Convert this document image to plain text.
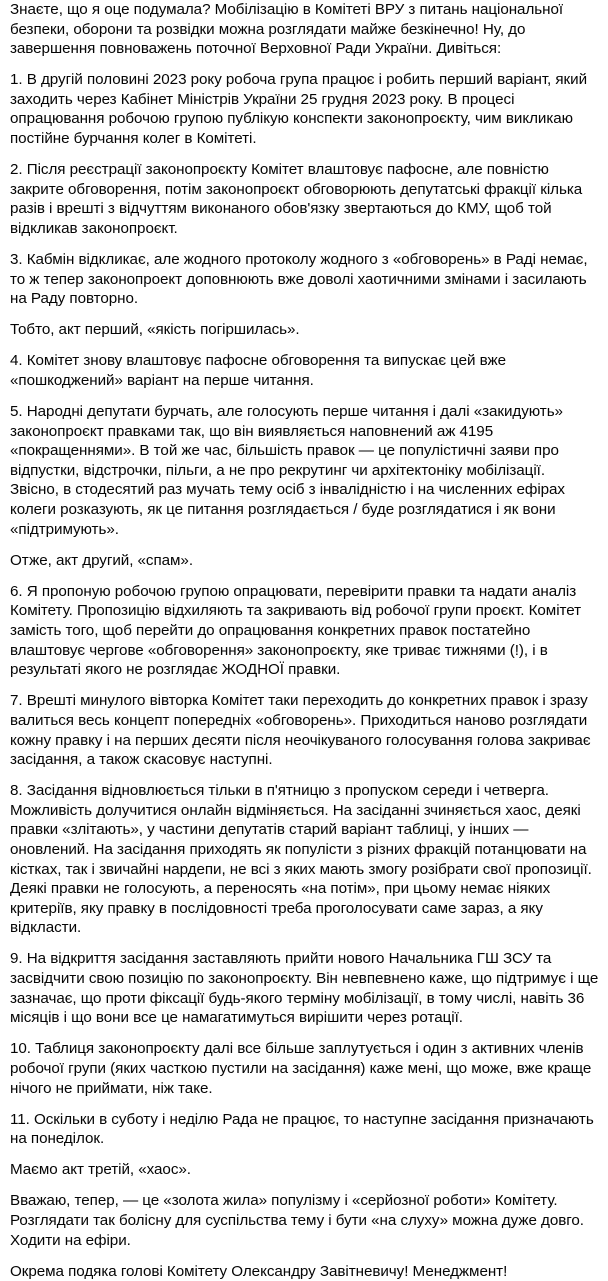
Знаєте, що я оце подумала? Мобілізацію в Комітеті ВРУ з питань національної
безпеки, оборони та розвідки можна розглядати майже безкінечно! Ну, до
завершення повноважень поточної Верховної Ради України. Дивіться:

1. В другій половині 2023 року робоча група працює і робить перший варіант, який
заходить через Кабінет Міністрів України 25 грудня 2023 року. В процесі
опрацювання робочою групою публікую конспекти законопроєкту, чим викликаю
постійне бурчання колег в Комітеті.

2. Після реєстрації законопроєкту Комітет влаштовує пафосне, але повністю
закрите обговорення, потім законопроєкт обговорюють депутатські фракції кілька
разів і врешті з відчуттям виконаного обов'язку звертаються до КМУ, щоб той
відкликав законопроєкт.

3. Кабмін відкликає, але жодного протоколу жодного з «обговорень» в Раді немає,
то ж тепер законопроект доповнюють вже доволі хаотичними змінами і засилають
на Раду повторно.

Тобто, акт перший, «якість погіршилась».

4. Комітет знову влаштовує пафосне обговорення та випускає цей вже
«пошкоджений» варіант на перше читання.

5. Народні депутати бурчать, але голосують перше читання і далі «закидують»
законопроєкт правками так, що він виявляється наповнений аж 4195
«покращеннями». В той же час, більшість правок — це популістичні заяви про
відпустки, відстрочки, пільги, а не про рекрутинг чи архітектоніку мобілізації.
Звісно, в стодесятий раз мучать тему осіб з інвалідністю і на численних ефірах
колеги розказують, як це питання розглядається / буде розглядатися і як вони
«підтримують».

Отже, акт другий, «спам».

6. Я пропоную робочою групою опрацювати, перевірити правки та надати аналіз
Комітету. Пропозицію відхиляють та закривають від робочої групи проєкт. Комітет
замість того, щоб перейти до опрацювання конкретних правок постатейно
влаштовує чергове «обговорення» законопроєкту, яке триває тижнями (!), і в
результаті якого не розглядає ЖОДНОЇ правки.

7. Врешті минулого вівторка Комітет таки переходить до конкретних правок і зразу
валиться весь концепт попередніх «обговорень». Приходиться наново розглядати
кожну правку і на перших десяти після неочікуваного голосування голова закриває
засідання, а також скасовує наступні.

8. Засідання відновлюється тільки в п'ятницю з пропуском середи і четверга.
Можливість долучитися онлайн відміняється. На засіданні зчиняється хаос, деякі
правки «злітають», у частини депутатів старий варіант таблиці, у інших —
оновлений. На засідання приходять як популісти з різних фракцій потанцювати на
кістках, так і звичайні нардепи, не всі з яких мають змогу розібрати свої пропозиції.
Деякі правки не голосують, а переносять «на потім», при цьому немає ніяких
критеріїв, яку правку в послідовності треба проголосувати саме зараз, а яку
відкласти.

9. На відкриття засідання заставляють прийти нового Начальника ГШ ЗСУ та
засвідчити свою позицію по законопроєкту. Він невпевнено каже, що підтримує і ще
зазначає, що проти фіксації будь-якого терміну мобілізації, в тому числі, навіть 36
місяців і що вони все це намагатимуться вирішити через ротації.

10. Таблиця законопроєкту далі все більше заплутується і один з активних членів
робочої групи (яких часткою пустили на засідання) каже мені, що може, вже краще
нічого не приймати, ніж таке.

11. Оскільки в суботу і неділю Рада не працює, то наступне засідання призначають
на понеділок.

Маємо акт третій, «хаос».

Вважаю, тепер, — це «золота жила» популізму і «серйозної роботи» Комітету.
Розглядати так болісну для суспільства тему і бути «на слуху» можна дуже довго.
Ходити на ефіри.

Окрема подяка голові Комітету Олександру Завітневичу! Менеджмент!
